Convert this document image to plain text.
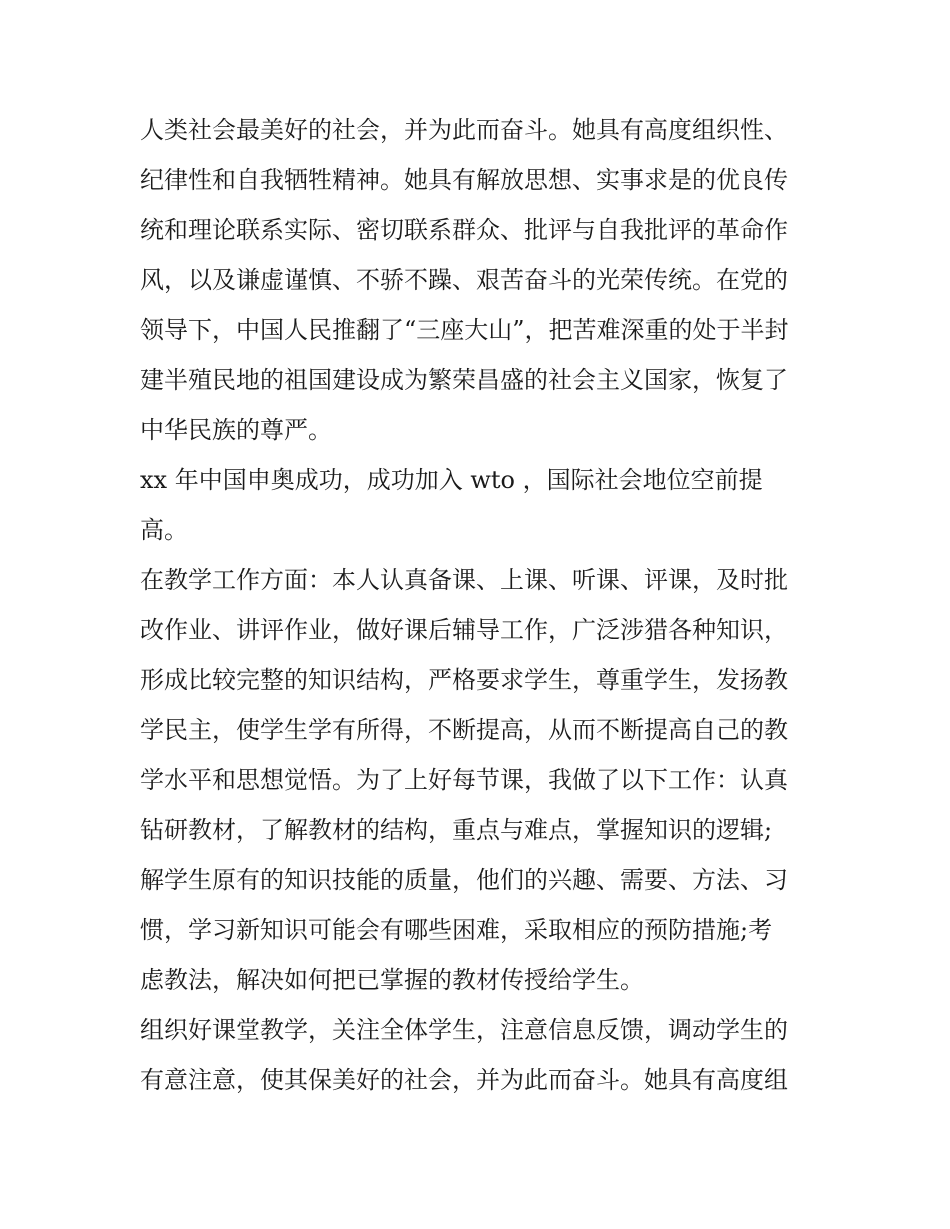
人类社会最美好的社会，并为此而奋斗。她具有高度组织性、
纪律性和自我牺牲精神。她具有解放思想、实事求是的优良传
统和理论联系实际、密切联系群众、批评与自我批评的革命作
风，以及谦虚谨慎、不骄不躁、艰苦奋斗的光荣传统。在党的
领导下，中国人民推翻了“三座大山”，把苦难深重的处于半封
建半殖民地的祖国建设成为繁荣昌盛的社会主义国家，恢复了
中华民族的尊严。
xx 年中国申奥成功，成功加入 wto ，国际社会地位空前提
高。
在教学工作方面：本人认真备课、上课、听课、评课，及时批
改作业、讲评作业，做好课后辅导工作，广泛涉猎各种知识，
形成比较完整的知识结构，严格要求学生，尊重学生，发扬教
学民主，使学生学有所得，不断提高，从而不断提高自己的教
学水平和思想觉悟。为了上好每节课，我做了以下工作：认真
钻研教材，了解教材的结构，重点与难点，掌握知识的逻辑;
解学生原有的知识技能的质量，他们的兴趣、需要、方法、习
惯，学习新知识可能会有哪些困难，采取相应的预防措施;考
虑教法，解决如何把已掌握的教材传授给学生。
组织好课堂教学，关注全体学生，注意信息反馈，调动学生的
有意注意，使其保美好的社会，并为此而奋斗。她具有高度组
